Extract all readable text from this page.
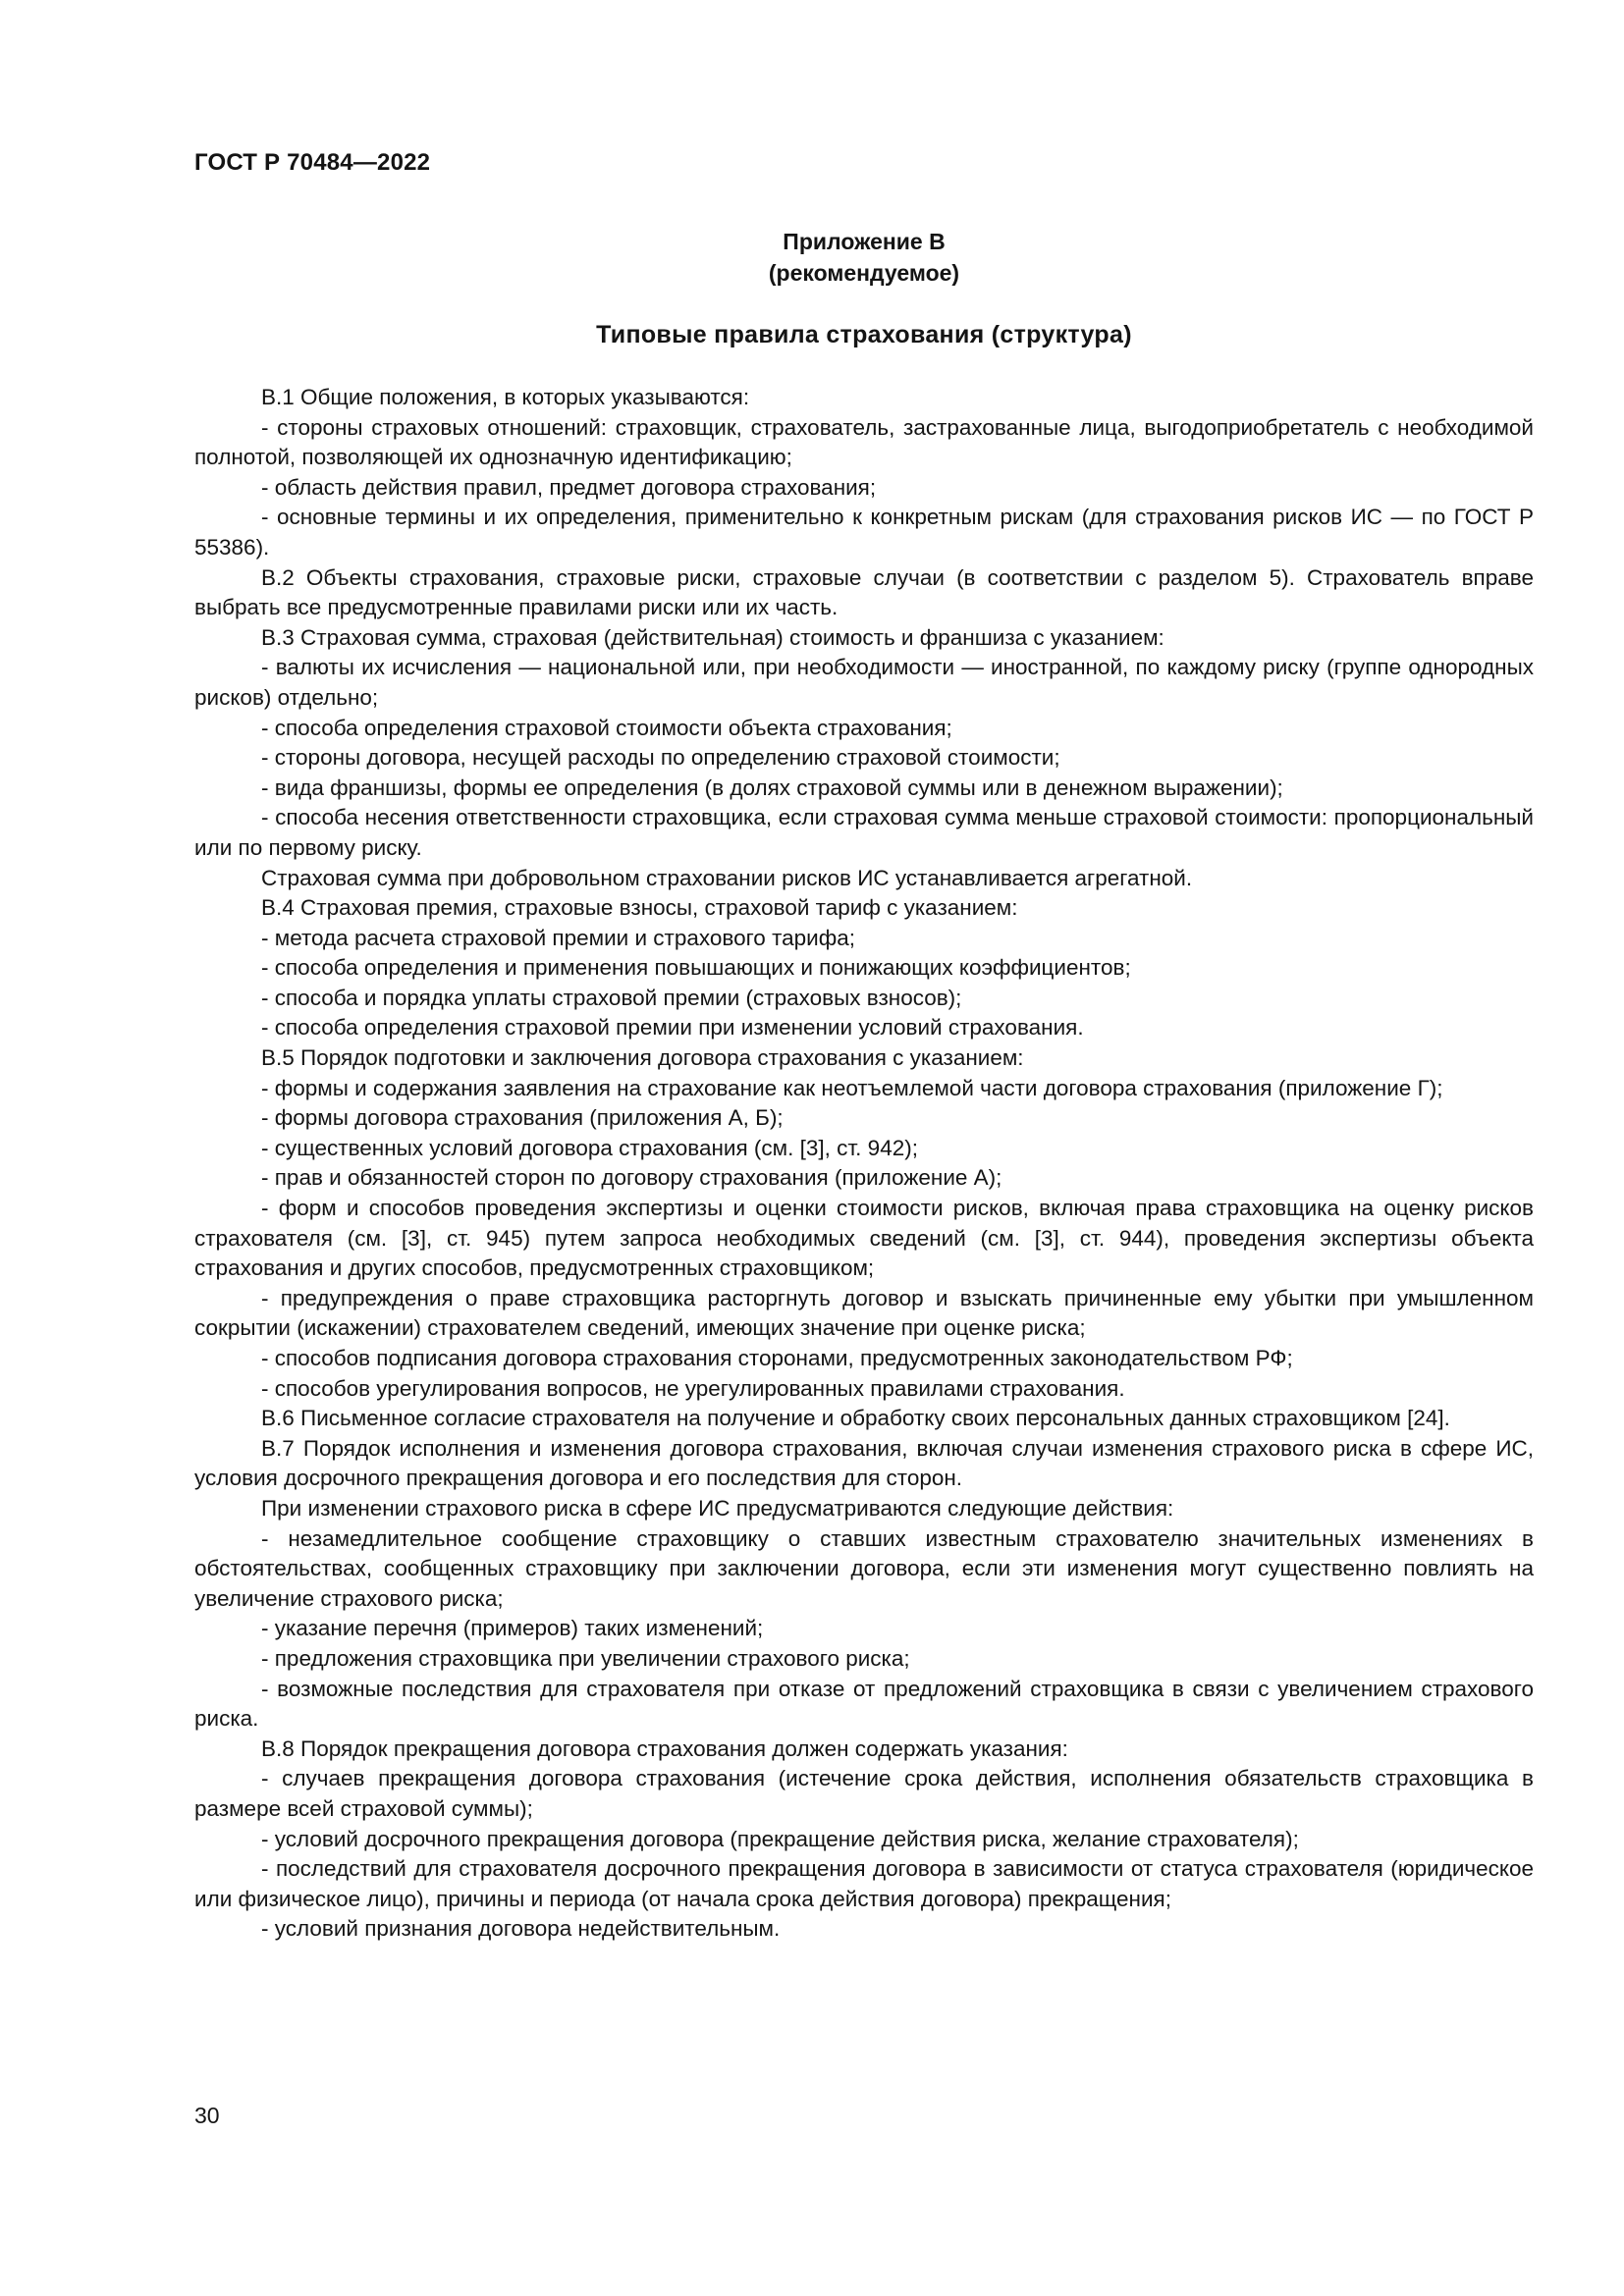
ГОСТ Р 70484—2022
Приложение В
(рекомендуемое)
Типовые правила страхования (структура)

В.1 Общие положения, в которых указываются:

- стороны страховых отношений: страховщик, страхователь, застрахованные лица, выгодоприобретатель с необходимой полнотой, позволяющей их однозначную идентификацию;

- область действия правил, предмет договора страхования;

- основные термины и их определения, применительно к конкретным рискам (для страхования рисков ИС — по ГОСТ Р 55386).

В.2 Объекты страхования, страховые риски, страховые случаи (в соответствии с разделом 5). Страхователь вправе выбрать все предусмотренные правилами риски или их часть.

В.3 Страховая сумма, страховая (действительная) стоимость и франшиза с указанием:

- валюты их исчисления — национальной или, при необходимости — иностранной, по каждому риску (группе однородных рисков) отдельно;

- способа определения страховой стоимости объекта страхования;

- стороны договора, несущей расходы по определению страховой стоимости;

- вида франшизы, формы ее определения (в долях страховой суммы или в денежном выражении);

- способа несения ответственности страховщика, если страховая сумма меньше страховой стоимости: пропорциональный или по первому риску.

Страховая сумма при добровольном страховании рисков ИС устанавливается агрегатной.

В.4 Страховая премия, страховые взносы, страховой тариф с указанием:

- метода расчета страховой премии и страхового тарифа;

- способа определения и применения повышающих и понижающих коэффициентов;

- способа и порядка уплаты страховой премии (страховых взносов);

- способа определения страховой премии при изменении условий страхования.

В.5 Порядок подготовки и заключения договора страхования с указанием:

- формы и содержания заявления на страхование как неотъемлемой части договора страхования (приложение Г);

- формы договора страхования (приложения А, Б);

- существенных условий договора страхования (см. [3], ст. 942);

- прав и обязанностей сторон по договору страхования (приложение А);

- форм и способов проведения экспертизы и оценки стоимости рисков, включая права страховщика на оценку рисков страхователя (см. [3], ст. 945) путем запроса необходимых сведений (см. [3], ст. 944), проведения экспертизы объекта страхования и других способов, предусмотренных страховщиком;

- предупреждения о праве страховщика расторгнуть договор и взыскать причиненные ему убытки при умышленном сокрытии (искажении) страхователем сведений, имеющих значение при оценке риска;

- способов подписания договора страхования сторонами, предусмотренных законодательством РФ;

- способов урегулирования вопросов, не урегулированных правилами страхования.

В.6 Письменное согласие страхователя на получение и обработку своих персональных данных страховщиком [24].

В.7 Порядок исполнения и изменения договора страхования, включая случаи изменения страхового риска в сфере ИС, условия досрочного прекращения договора и его последствия для сторон.

При изменении страхового риска в сфере ИС предусматриваются следующие действия:

- незамедлительное сообщение страховщику о ставших известным страхователю значительных изменениях в обстоятельствах, сообщенных страховщику при заключении договора, если эти изменения могут существенно повлиять на увеличение страхового риска;

- указание перечня (примеров) таких изменений;

- предложения страховщика при увеличении страхового риска;

- возможные последствия для страхователя при отказе от предложений страховщика в связи с увеличением страхового риска.

В.8 Порядок прекращения договора страхования должен содержать указания:

- случаев прекращения договора страхования (истечение срока действия, исполнения обязательств страховщика в размере всей страховой суммы);

- условий досрочного прекращения договора (прекращение действия риска, желание страхователя);

- последствий для страхователя досрочного прекращения договора в зависимости от статуса страхователя (юридическое или физическое лицо), причины и периода (от начала срока действия договора) прекращения;

- условий признания договора недействительным.

30
